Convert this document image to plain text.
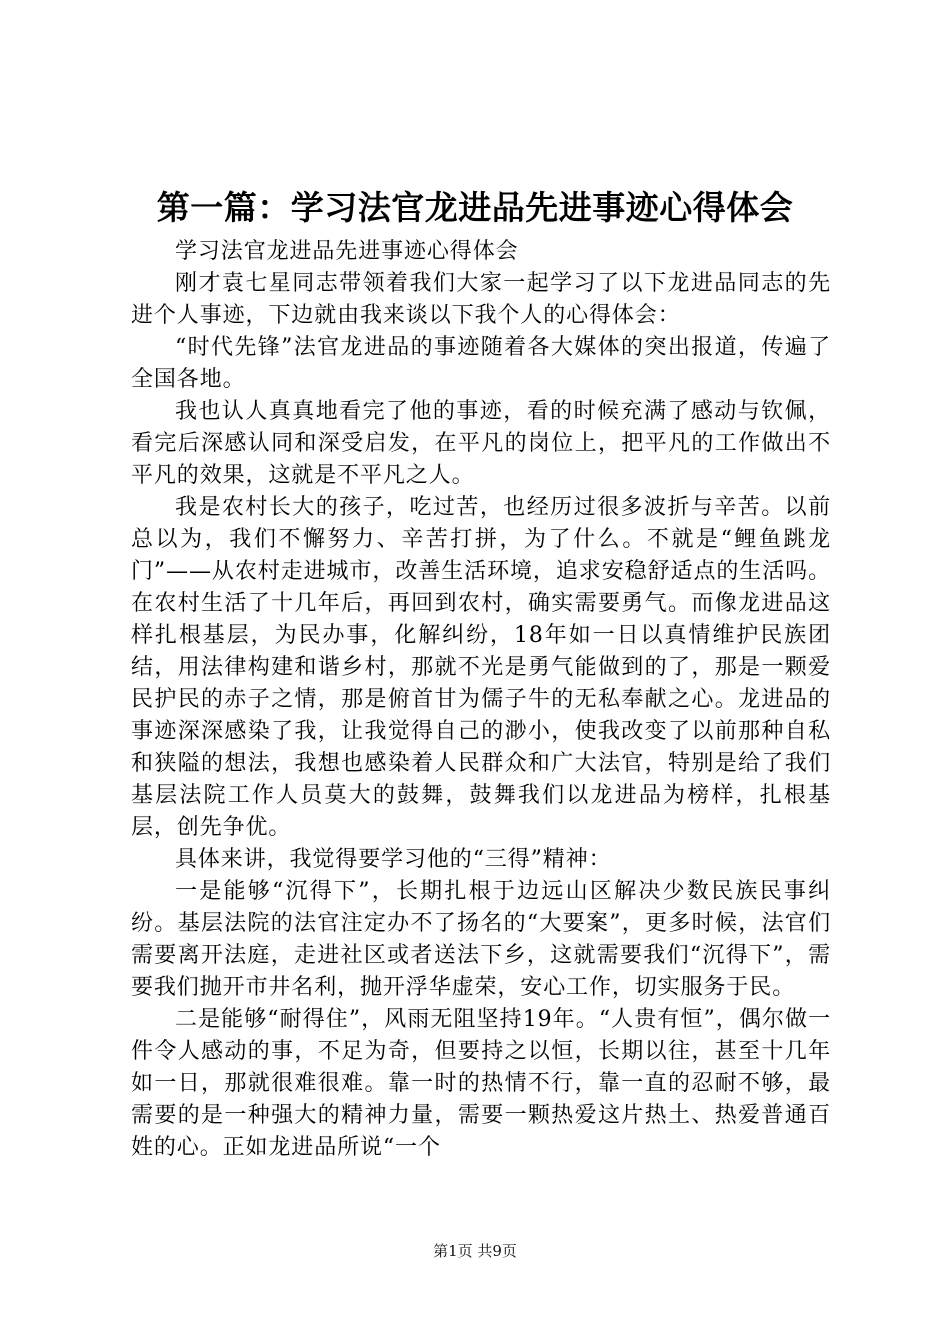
第一篇：学习法官龙进品先进事迹心得体会

学习法官龙进品先进事迹心得体会

刚才袁七星同志带领着我们大家一起学习了以下龙进品同志的先进个人事迹，下边就由我来谈以下我个人的心得体会：

“时代先锋”法官龙进品的事迹随着各大媒体的突出报道，传遍了全国各地。

我也认人真真地看完了他的事迹，看的时候充满了感动与钦佩，看完后深感认同和深受启发，在平凡的岗位上，把平凡的工作做出不平凡的效果，这就是不平凡之人。

我是农村长大的孩子，吃过苦，也经历过很多波折与辛苦。以前总以为，我们不懈努力、辛苦打拼，为了什么。不就是“鲤鱼跳龙门”——从农村走进城市，改善生活环境，追求安稳舒适点的生活吗。在农村生活了十几年后，再回到农村，确实需要勇气。而像龙进品这样扎根基层，为民办事，化解纠纷，18年如一日以真情维护民族团结，用法律构建和谐乡村，那就不光是勇气能做到的了，那是一颗爱民护民的赤子之情，那是俯首甘为儒子牛的无私奉献之心。龙进品的事迹深深感染了我，让我觉得自己的渺小，使我改变了以前那种自私和狭隘的想法，我想也感染着人民群众和广大法官，特别是给了我们基层法院工作人员莫大的鼓舞，鼓舞我们以龙进品为榜样，扎根基层，创先争优。

具体来讲，我觉得要学习他的“三得”精神：

一是能够“沉得下”，长期扎根于边远山区解决少数民族民事纠纷。基层法院的法官注定办不了扬名的“大要案”，更多时候，法官们需要离开法庭，走进社区或者送法下乡，这就需要我们“沉得下”，需要我们抛开市井名利，抛开浮华虚荣，安心工作，切实服务于民。

二是能够“耐得住”，风雨无阻坚持19年。“人贵有恒”，偶尔做一件令人感动的事，不足为奇，但要持之以恒，长期以往，甚至十几年如一日，那就很难很难。靠一时的热情不行，靠一直的忍耐不够，最需要的是一种强大的精神力量，需要一颗热爱这片热土、热爱普通百姓的心。正如龙进品所说“一个

第1页 共9页
